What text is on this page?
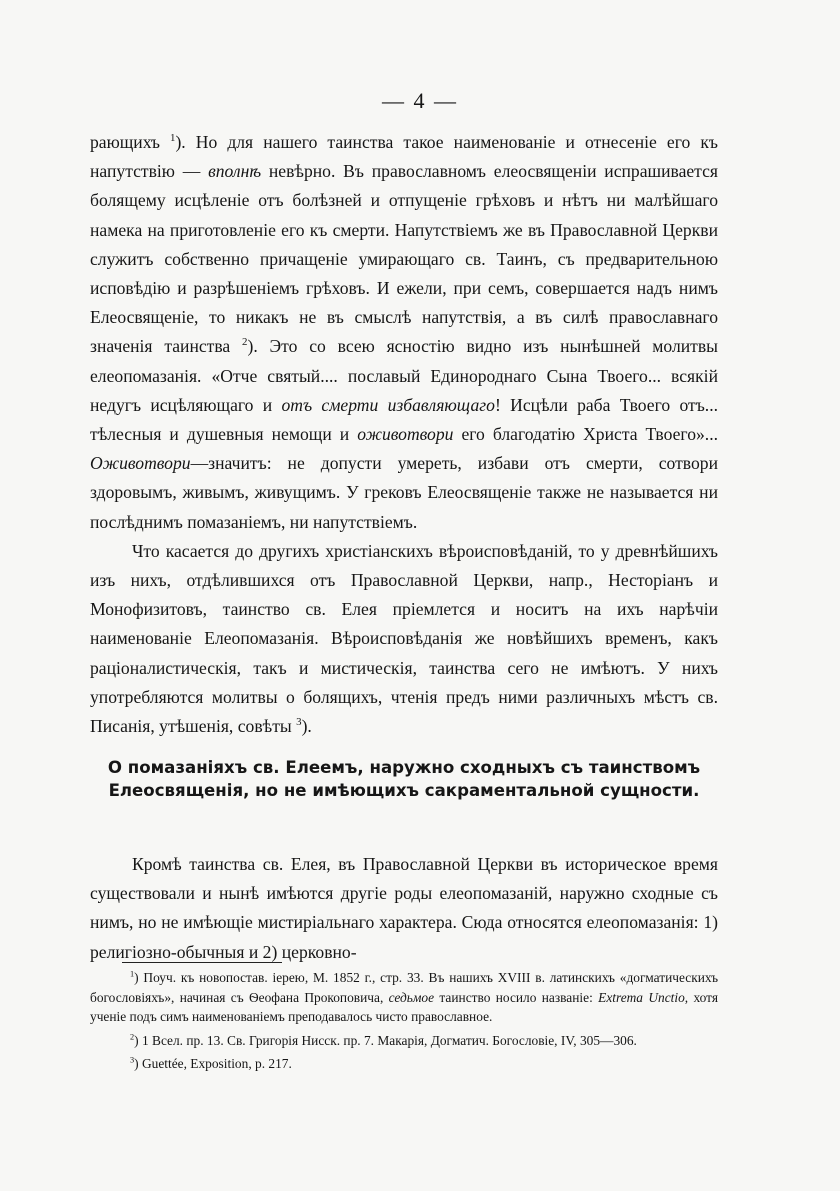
— 4 —

рающихъ $^1$). Но для нашего таинства такое наименованіе и отнесеніе его къ напутствію — вполнѣ невѣрно. Въ православномъ елеосвященіи испрашивается болящему исцѣленіе отъ болѣзней и отпущеніе грѣховъ и нѣтъ ни малѣйшаго намека на приготовленіе его къ смерти. Напутствіемъ же въ Православной Церкви служитъ собственно причащеніе умирающаго св. Таинъ, съ предварительною исповѣдію и разрѣшеніемъ грѣховъ. И ежели, при семъ, совершается надъ нимъ Елеосвященіе, то никакъ не въ смыслѣ напутствія, а въ силѣ православнаго значенія таинства $^2$). Это со всею ясностію видно изъ нынѣшней молитвы елеопомазанія. «Отче святый.... пославый Единороднаго Сына Твоего... всякій недугъ исцѣляющаго и отъ смерти избавляющаго! Исцѣли раба Твоего отъ... тѣлесныя и душевныя немощи и оживотвори его благодатію Христа Твоего»... Оживотвори—значитъ: не допусти умереть, избави отъ смерти, сотвори здоровымъ, живымъ, живущимъ. У грековъ Елеосвященіе также не называется ни послѣднимъ помазаніемъ, ни напутствіемъ.

Что касается до другихъ христіанскихъ вѣроисповѣданій, то у древнѣйшихъ изъ нихъ, отдѣлившихся отъ Православной Церкви, напр., Несторіанъ и Монофизитовъ, таинство св. Елея пріемлется и носитъ на ихъ нарѣчіи наименованіе Елеопомазанія. Вѣроисповѣданія же новѣйшихъ временъ, какъ раціоналистическія, такъ и мистическія, таинства сего не имѣютъ. У нихъ употребляются молитвы о болящихъ, чтенія предъ ними различныхъ мѣстъ св. Писанія, утѣшенія, совѣты $^3$).

О помазаніяхъ св. Елеемъ, наружно сходныхъ съ таинствомъ Елеосвященія, но не имѣющихъ сакраментальной сущности.

Кромѣ таинства св. Елея, въ Православной Церкви въ историческое время существовали и нынѣ имѣются другіе роды елеопомазаній, наружно сходные съ нимъ, но не имѣющіе мистиріальнаго характера. Сюда относятся елеопомазанія: 1) религіозно-обычныя и 2) церковно-

$^1$) Поуч. къ новопостав. іерею, М. 1852 г., стр. 33. Въ нашихъ XVIII в. латинскихъ «догматическихъ богословіяхъ», начиная съ Ѳеофана Прокоповича, седьмое таинство носило названіе: Extrema Unctio, хотя ученіе подъ симъ наименованіемъ преподавалось чисто православное.

$^2$) 1 Всел. пр. 13. Св. Григорія Нисск. пр. 7. Макарія, Догматич. Богословіе, IV, 305—306.

$^3$) Guettée, Exposition, p. 217.
